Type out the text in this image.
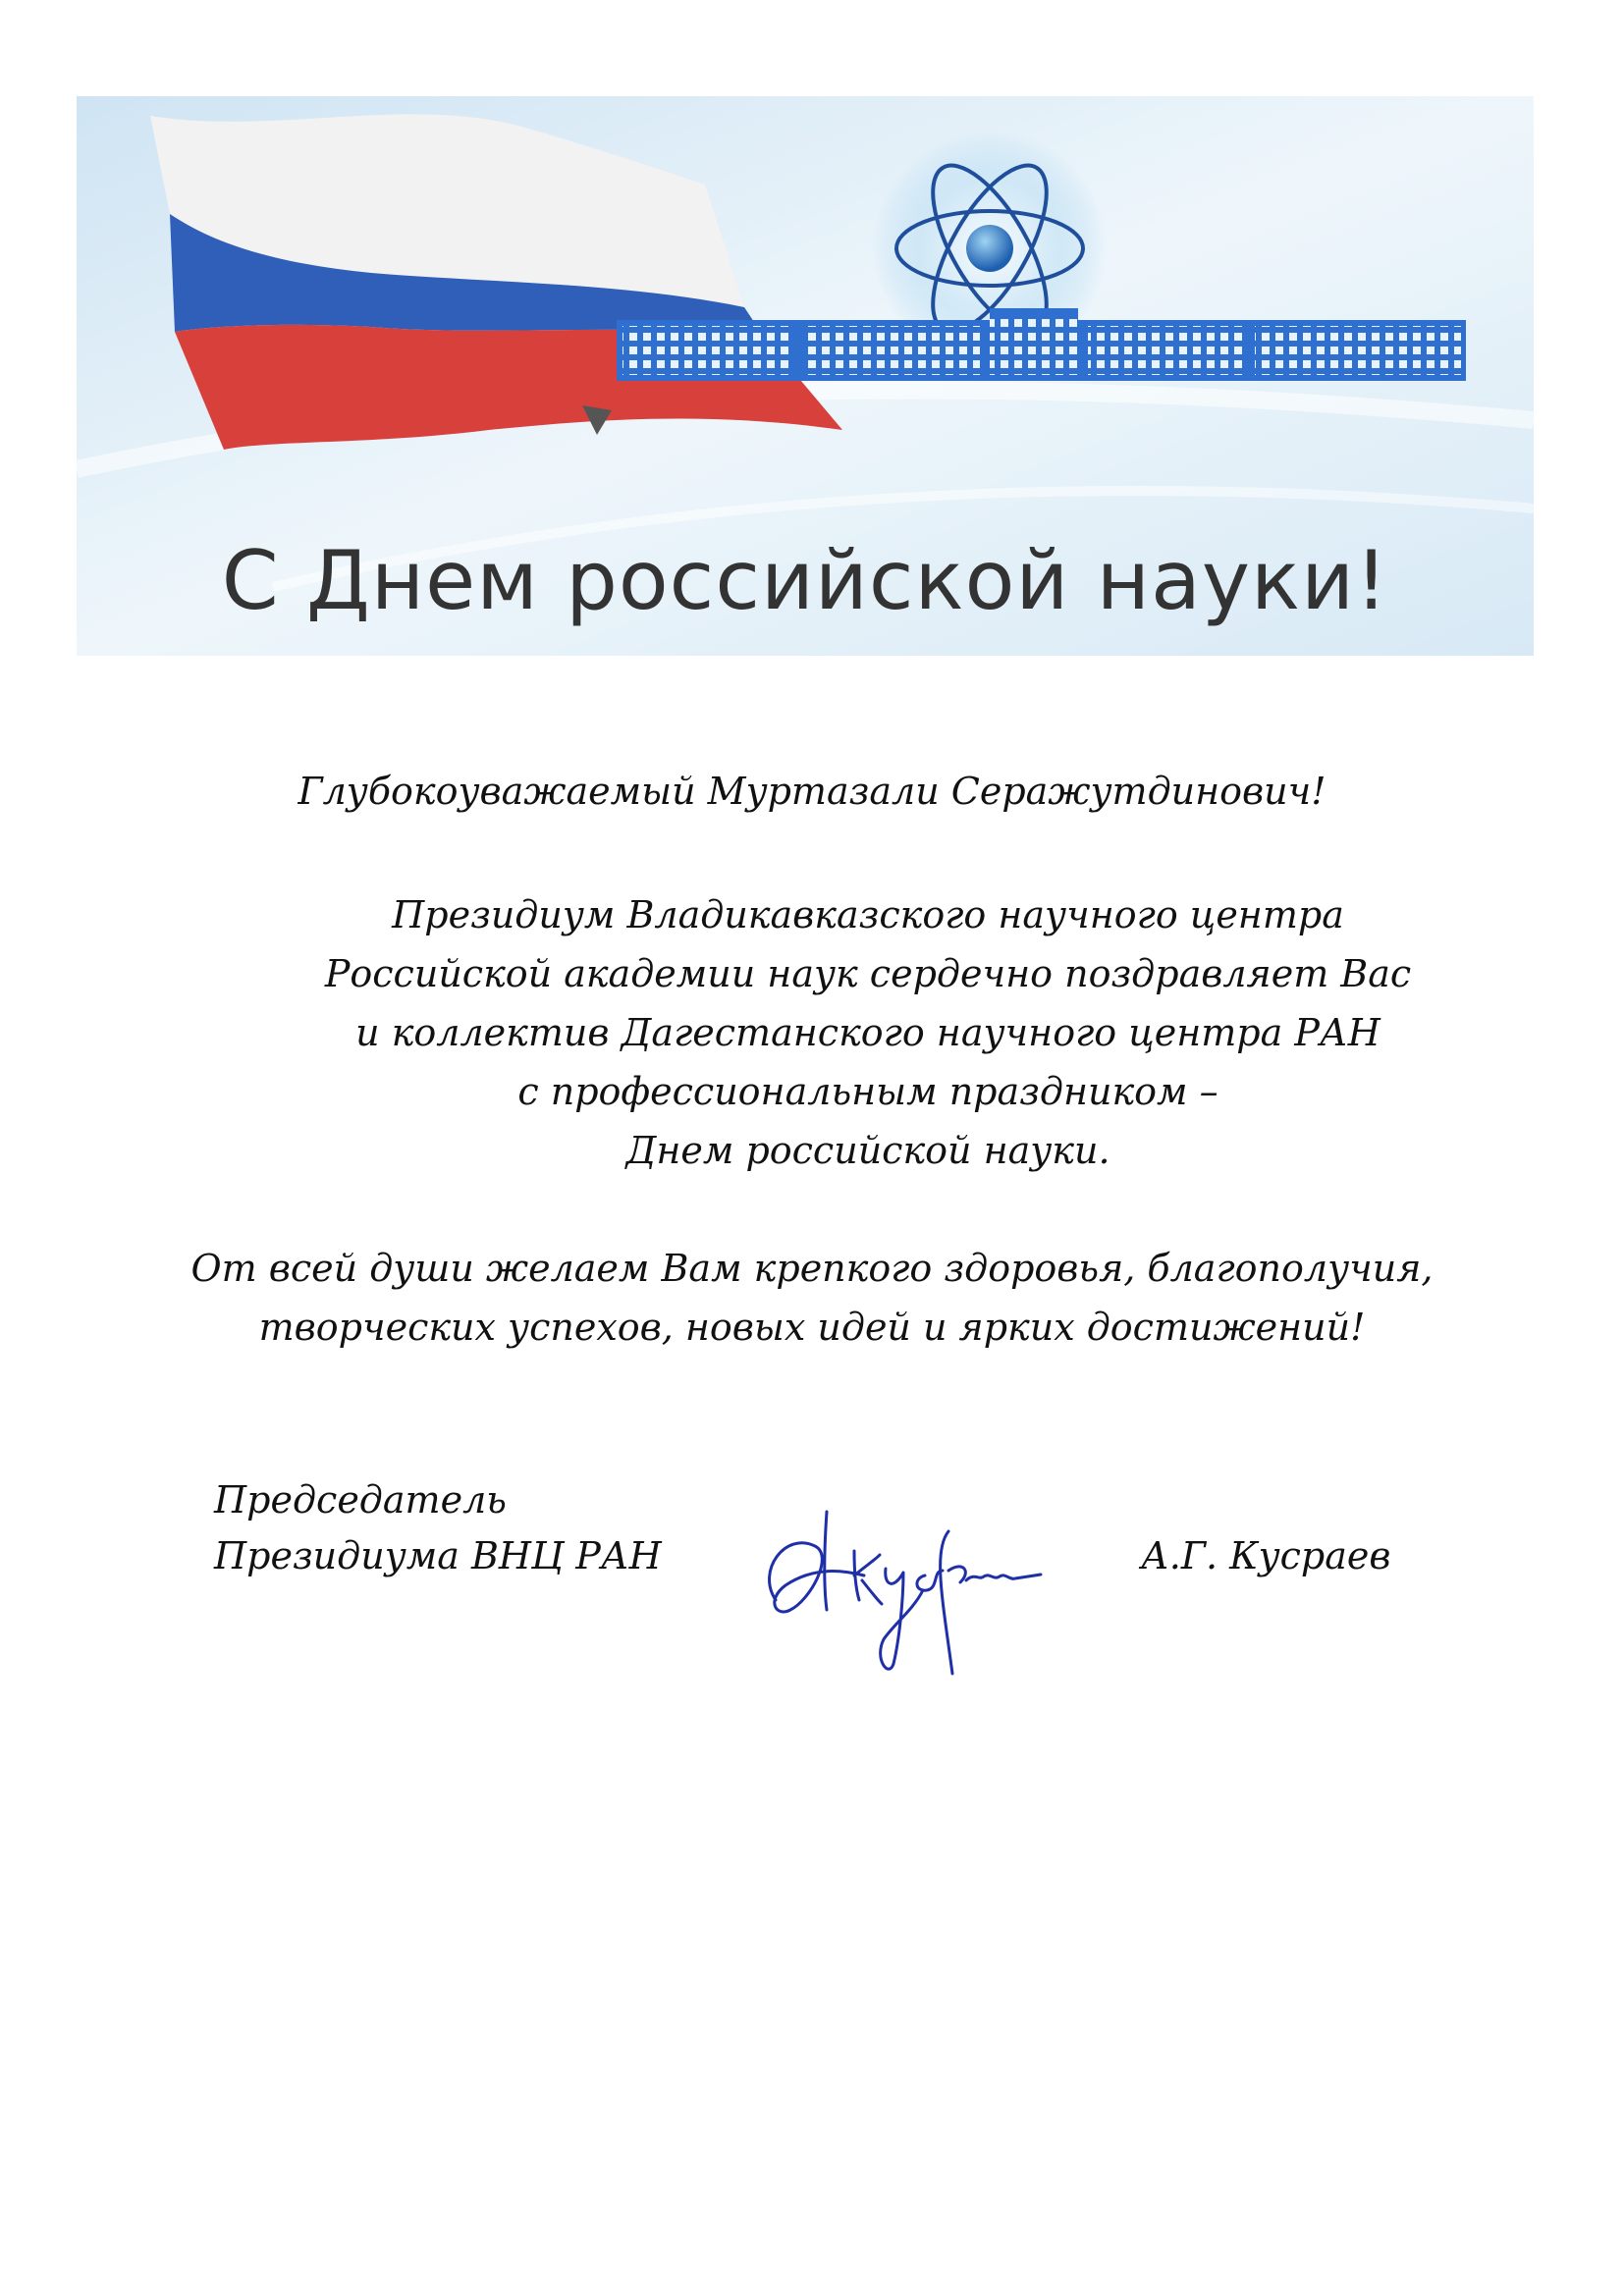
С Днем российской науки!
Глубокоуважаемый Муртазали Серажутдинович!
Президиум Владикавказского научного центра
Российской академии наук сердечно поздравляет Вас
и коллектив Дагестанского научного центра РАН
с профессиональным праздником –
Днем российской науки.
От всей души желаем Вам крепкого здоровья, благополучия,
творческих успехов, новых идей и ярких достижений!
Председатель
Президиума ВНЦ РАН	А.Г. Кусраев
